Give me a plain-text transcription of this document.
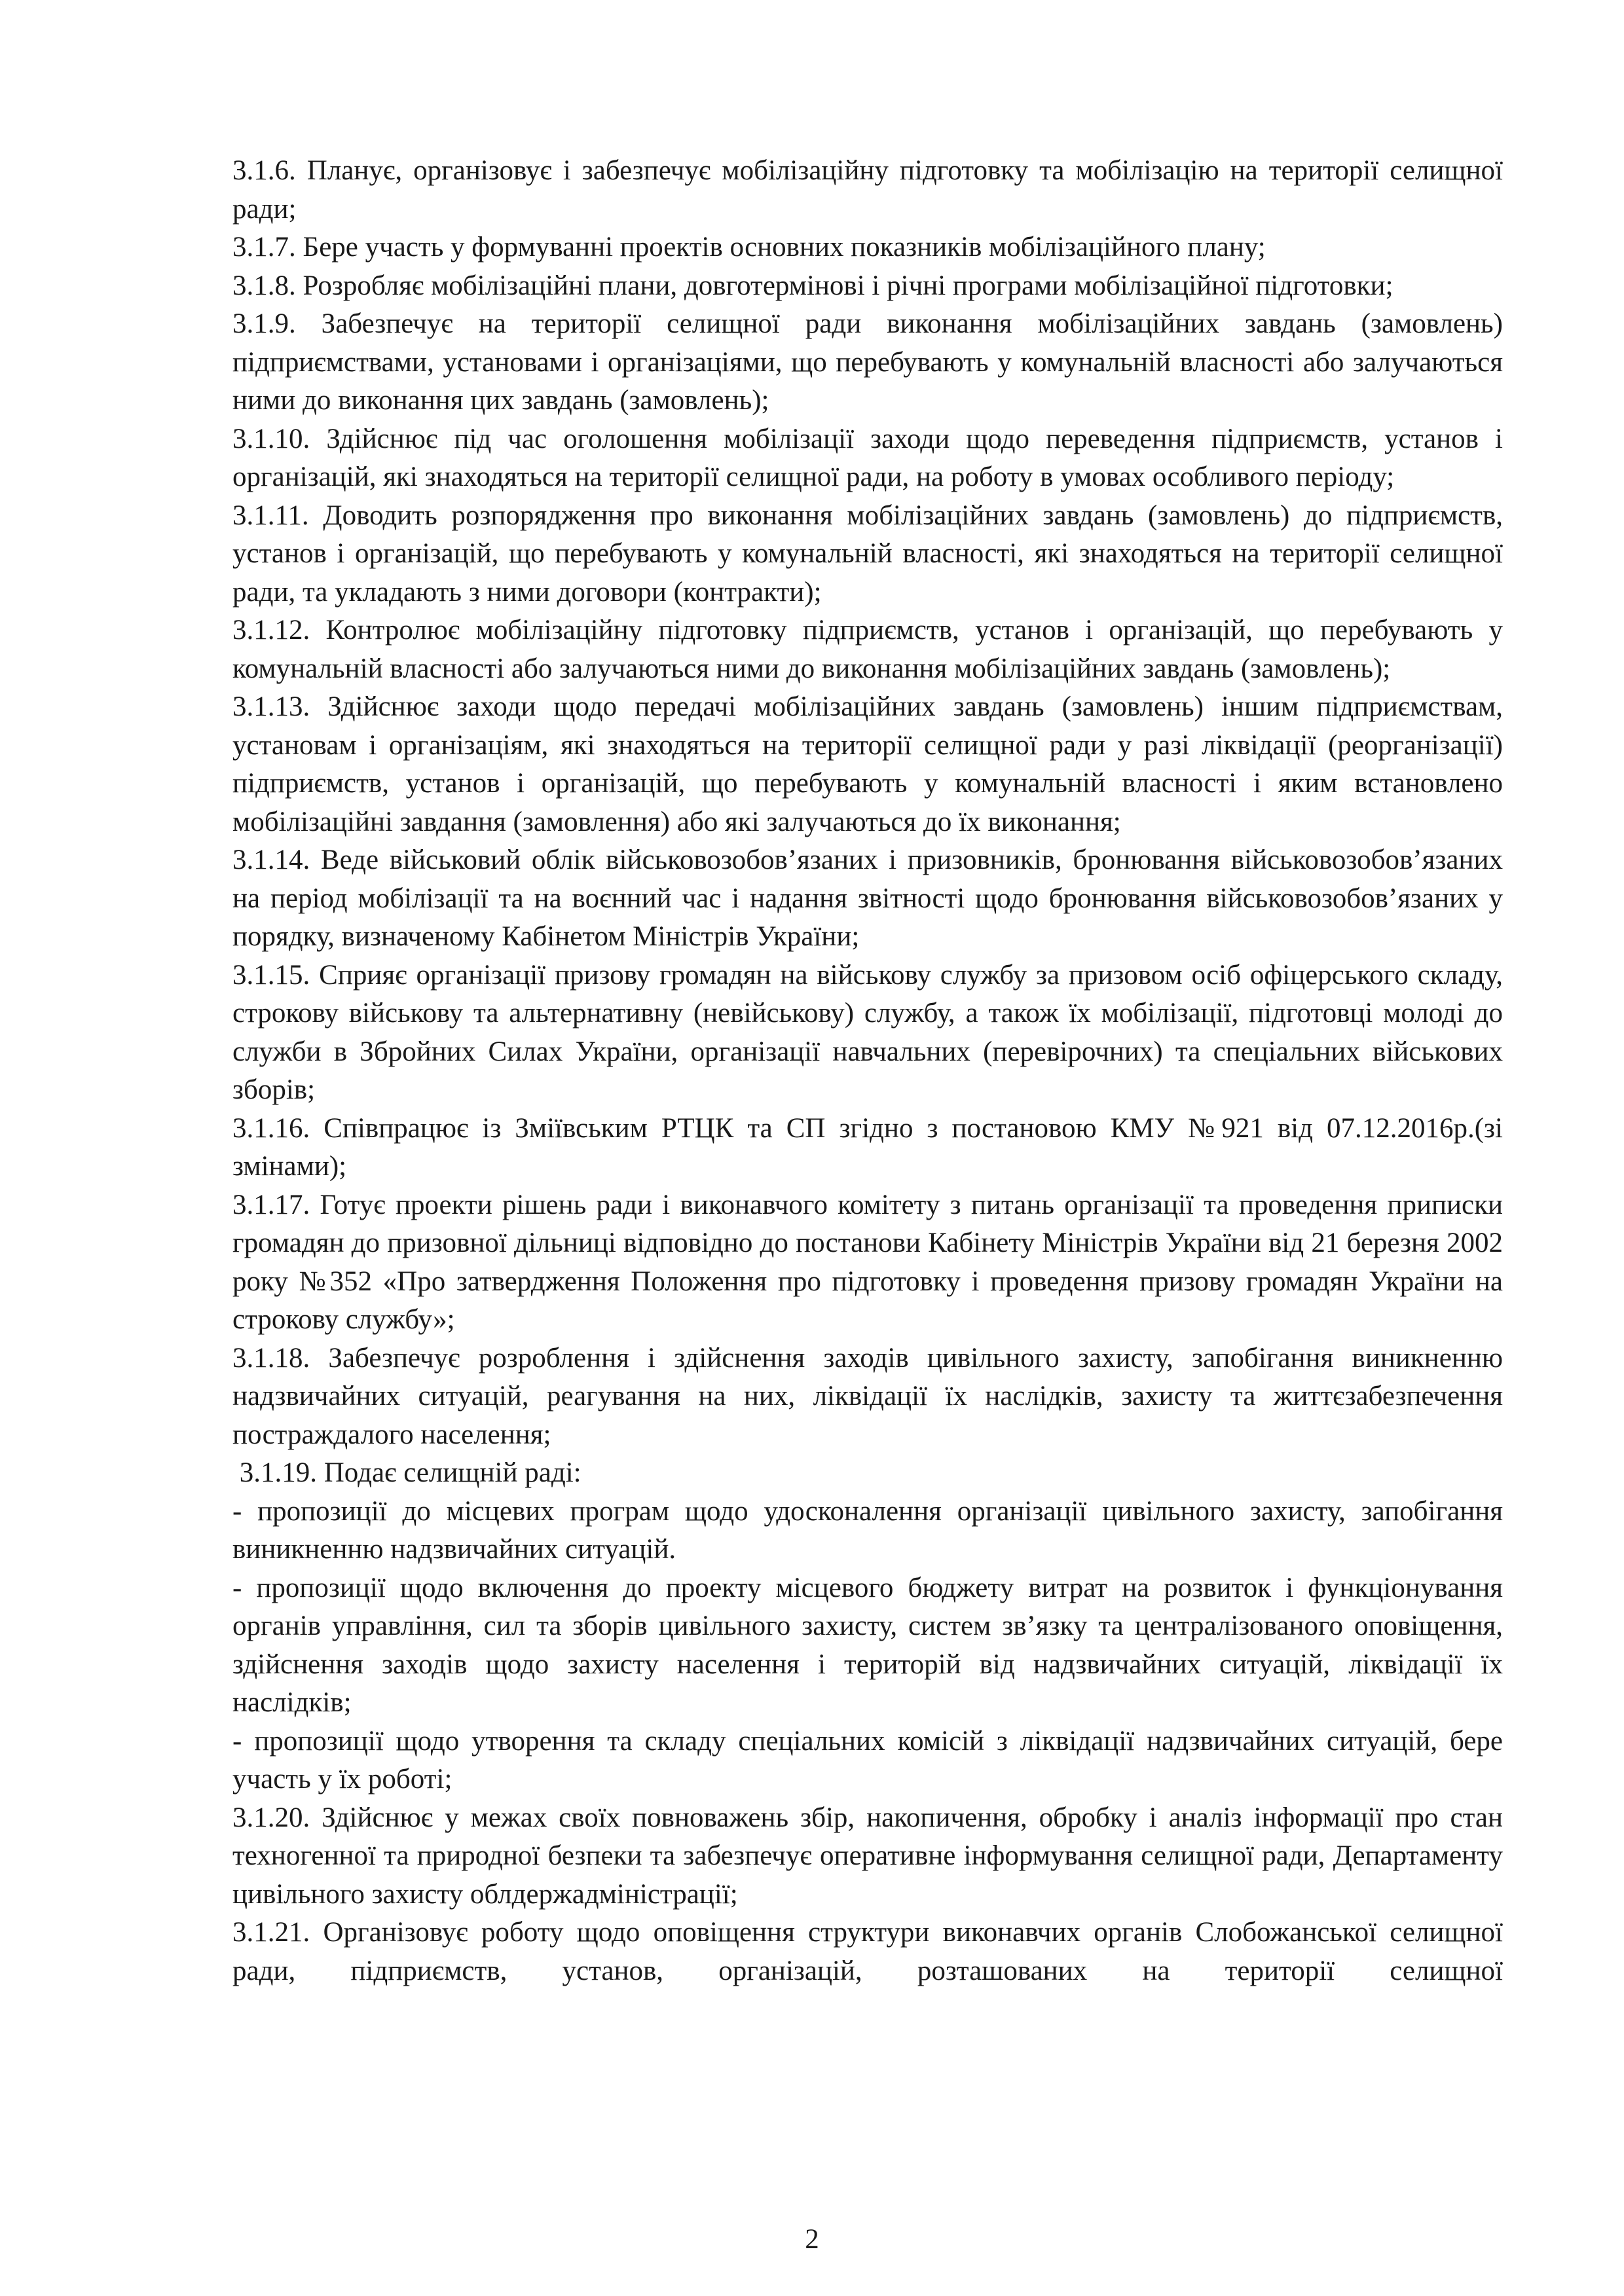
3.1.6. Планує, організовує і забезпечує мобілізаційну підготовку та мобілізацію на території селищної ради;

3.1.7. Бере участь у формуванні проектів основних показників мобілізаційного плану;

3.1.8. Розробляє мобілізаційні плани, довготермінові і річні програми мобілізаційної підготовки;

3.1.9. Забезпечує на території селищної ради виконання мобілізаційних завдань (замовлень) підприємствами, установами і організаціями, що перебувають у комунальній власності або залучаються ними до виконання цих завдань (замовлень);

3.1.10. Здійснює під час оголошення мобілізації заходи щодо переведення підприємств, установ і організацій, які знаходяться на території селищної ради, на роботу в умовах особливого періоду;

3.1.11. Доводить розпорядження про виконання мобілізаційних завдань (замовлень) до підприємств, установ і організацій, що перебувають у комунальній власності, які знаходяться на території селищної ради, та укладають з ними договори (контракти);

3.1.12. Контролює мобілізаційну підготовку підприємств, установ і організацій, що перебувають у комунальній власності або залучаються ними до виконання мобілізаційних завдань (замовлень);

3.1.13. Здійснює заходи щодо передачі мобілізаційних завдань (замовлень) іншим підприємствам, установам і організаціям, які знаходяться на території селищної ради у разі ліквідації (реорганізації) підприємств, установ і організацій, що перебувають у комунальній власності і яким встановлено мобілізаційні завдання (замовлення) або які залучаються до їх виконання;

3.1.14. Веде військовий облік військовозобов’язаних і призовників, бронювання військовозобов’язаних на період мобілізації та на воєнний час і надання звітності щодо бронювання військовозобов’язаних у порядку, визначеному Кабінетом Міністрів України;

3.1.15. Сприяє організації призову громадян на військову службу за призовом осіб офіцерського складу, строкову військову та альтернативну (невійськову) службу, а також їх мобілізації, підготовці молоді до служби в Збройних Силах України, організації навчальних (перевірочних) та спеціальних військових зборів;

3.1.16. Співпрацює із Зміївським РТЦК та СП згідно з постановою КМУ №921 від 07.12.2016р.(зі змінами);

3.1.17. Готує проекти рішень ради і виконавчого комітету з питань організації та проведення приписки громадян до призовної дільниці відповідно до постанови Кабінету Міністрів України від 21 березня 2002 року №352 «Про затвердження Положення про підготовку і проведення призову громадян України на строкову службу»;

3.1.18. Забезпечує розроблення і здійснення заходів цивільного захисту, запобігання виникненню надзвичайних ситуацій, реагування на них, ліквідації їх наслідків, захисту та життєзабезпечення постраждалого населення;

3.1.19. Подає селищній раді:

- пропозиції до місцевих програм щодо удосконалення організації цивільного захисту, запобігання виникненню надзвичайних ситуацій.

- пропозиції щодо включення до проекту місцевого бюджету витрат на розвиток і функціонування органів управління, сил та зборів цивільного захисту, систем зв’язку та централізованого оповіщення, здійснення заходів щодо захисту населення і територій від надзвичайних ситуацій, ліквідації їх наслідків;

- пропозиції щодо утворення та складу спеціальних комісій з ліквідації надзвичайних ситуацій, бере участь у їх роботі;

3.1.20. Здійснює у межах своїх повноважень збір, накопичення, обробку і аналіз інформації про стан техногенної та природної безпеки та забезпечує оперативне інформування селищної ради, Департаменту цивільного захисту облдержадміністрації;

3.1.21. Організовує роботу щодо оповіщення структури виконавчих органів Слобожанської селищної ради, підприємств, установ, організацій, розташованих на території селищної

2
